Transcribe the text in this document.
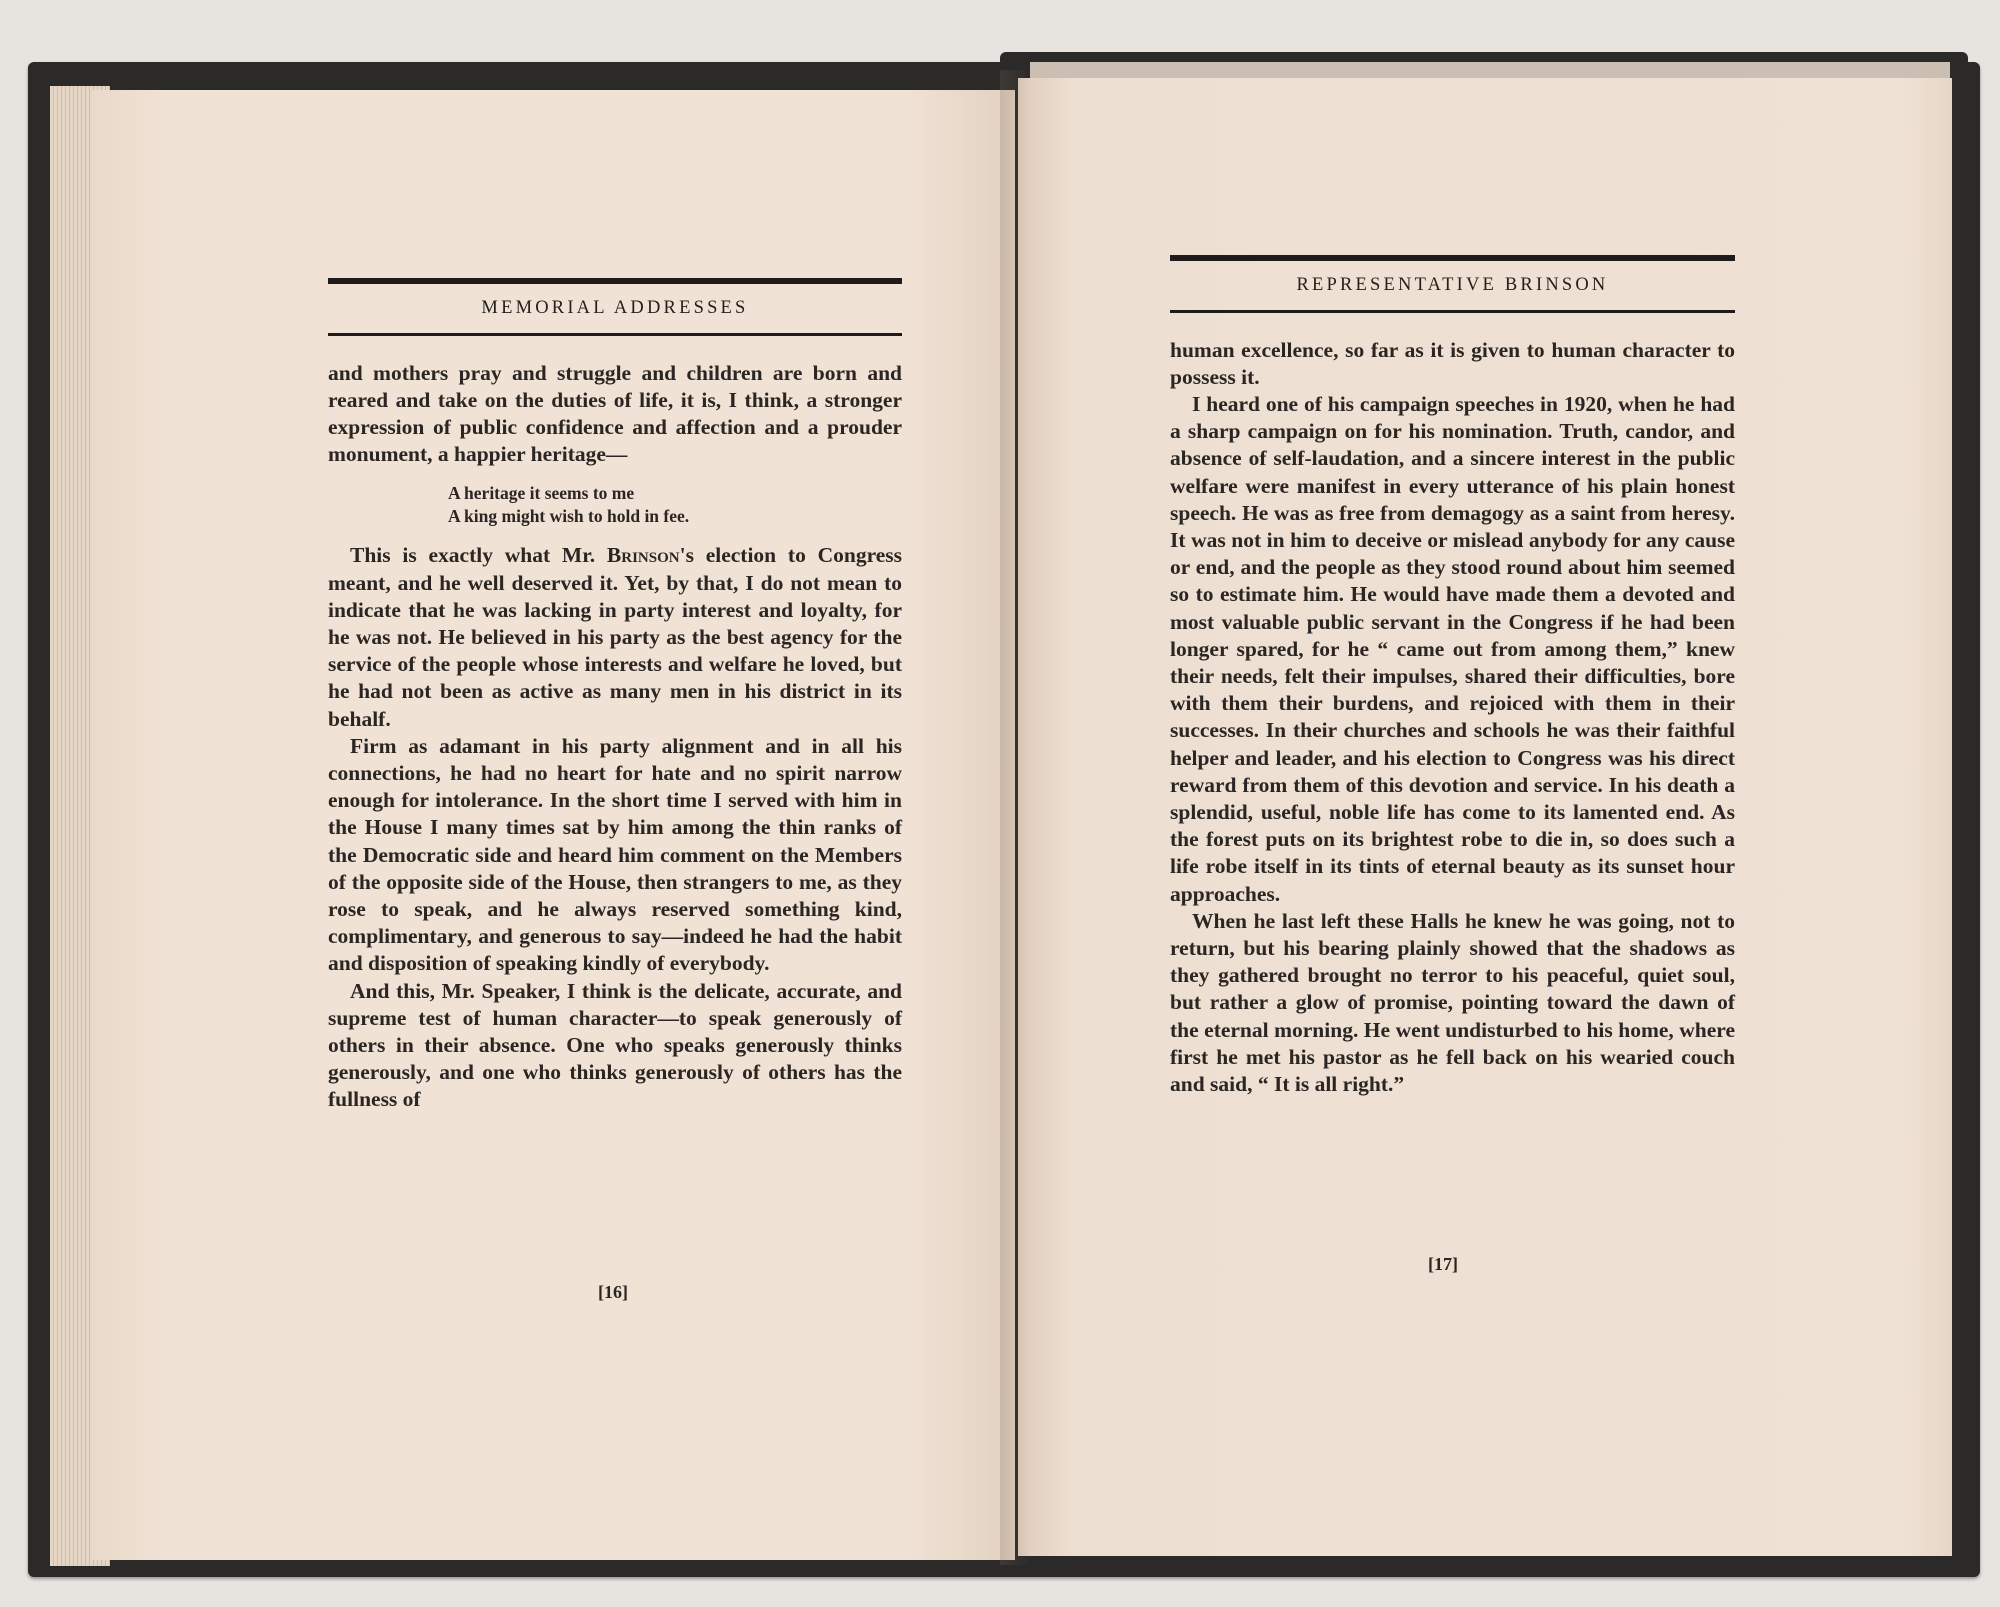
MEMORIAL ADDRESSES

and mothers pray and struggle and children are born and reared and take on the duties of life, it is, I think, a stronger expression of public confidence and affection and a prouder monument, a happier heritage—

A heritage it seems to me
A king might wish to hold in fee.

This is exactly what Mr. Brinson's election to Congress meant, and he well deserved it. Yet, by that, I do not mean to indicate that he was lacking in party interest and loyalty, for he was not. He believed in his party as the best agency for the service of the people whose interests and welfare he loved, but he had not been as active as many men in his district in its behalf.

Firm as adamant in his party alignment and in all his connections, he had no heart for hate and no spirit narrow enough for intolerance. In the short time I served with him in the House I many times sat by him among the thin ranks of the Democratic side and heard him comment on the Members of the opposite side of the House, then strangers to me, as they rose to speak, and he always reserved something kind, complimentary, and generous to say—indeed he had the habit and disposition of speaking kindly of everybody.

And this, Mr. Speaker, I think is the delicate, accurate, and supreme test of human character—to speak generously of others in their absence. One who speaks generously thinks generously, and one who thinks generously of others has the fullness of

[16]
REPRESENTATIVE BRINSON

human excellence, so far as it is given to human character to possess it.

I heard one of his campaign speeches in 1920, when he had a sharp campaign on for his nomination. Truth, candor, and absence of self-laudation, and a sincere interest in the public welfare were manifest in every utterance of his plain honest speech. He was as free from demagogy as a saint from heresy. It was not in him to deceive or mislead anybody for any cause or end, and the people as they stood round about him seemed so to estimate him. He would have made them a devoted and most valuable public servant in the Congress if he had been longer spared, for he “ came out from among them,” knew their needs, felt their impulses, shared their difficulties, bore with them their burdens, and rejoiced with them in their successes. In their churches and schools he was their faithful helper and leader, and his election to Congress was his direct reward from them of this devotion and service. In his death a splendid, useful, noble life has come to its lamented end. As the forest puts on its brightest robe to die in, so does such a life robe itself in its tints of eternal beauty as its sunset hour approaches.

When he last left these Halls he knew he was going, not to return, but his bearing plainly showed that the shadows as they gathered brought no terror to his peaceful, quiet soul, but rather a glow of promise, pointing toward the dawn of the eternal morning. He went undisturbed to his home, where first he met his pastor as he fell back on his wearied couch and said, “ It is all right.”

[17]
